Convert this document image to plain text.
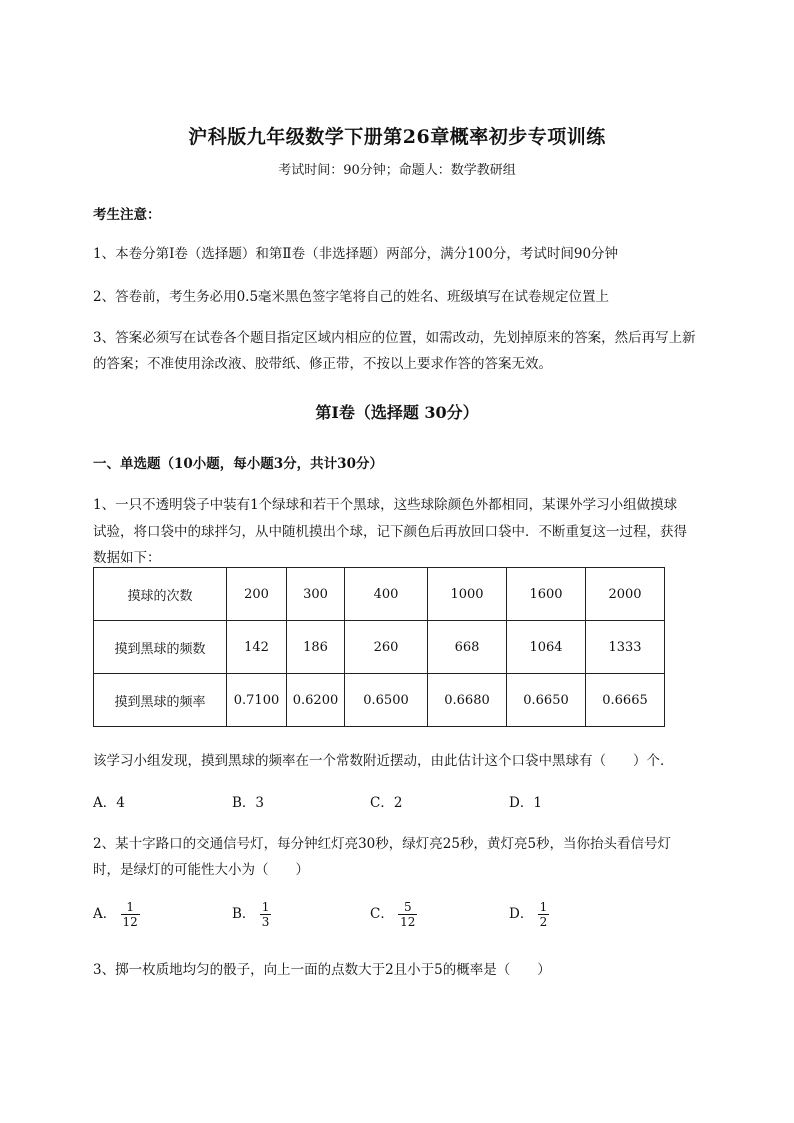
沪科版九年级数学下册第26章概率初步专项训练
考试时间：90分钟；命题人：数学教研组
考生注意：
1、本卷分第I卷（选择题）和第Ⅱ卷（非选择题）两部分，满分100分，考试时间90分钟
2、答卷前，考生务必用0.5毫米黑色签字笔将自己的姓名、班级填写在试卷规定位置上
3、答案必须写在试卷各个题目指定区域内相应的位置，如需改动，先划掉原来的答案，然后再写上新
的答案；不准使用涂改液、胶带纸、修正带，不按以上要求作答的答案无效。
第I卷（选择题 30分）
一、单选题（10小题，每小题3分，共计30分）
1、一只不透明袋子中装有1个绿球和若干个黑球，这些球除颜色外都相同，某课外学习小组做摸球
试验，将口袋中的球拌匀，从中随机摸出个球，记下颜色后再放回口袋中．不断重复这一过程，获得
数据如下：
摸球的次数	200	300	400	1000	1600	2000
摸到黑球的频数	142	186	260	668	1064	1333
摸到黑球的频率	0.7100	0.6200	0.6500	0.6680	0.6650	0.6665
该学习小组发现，摸到黑球的频率在一个常数附近摆动，由此估计这个口袋中黑球有（　　）个．
A．4	B．3	C．2	D．1
2、某十字路口的交通信号灯，每分钟红灯亮30秒，绿灯亮25秒，黄灯亮5秒，当你抬头看信号灯
时，是绿灯的可能性大小为（　　）
A． $\frac{1}{12}$	B． $\frac{1}{3}$	C． $\frac{5}{12}$	D． $\frac{1}{2}$
3、掷一枚质地均匀的骰子，向上一面的点数大于2且小于5的概率是（　　）
